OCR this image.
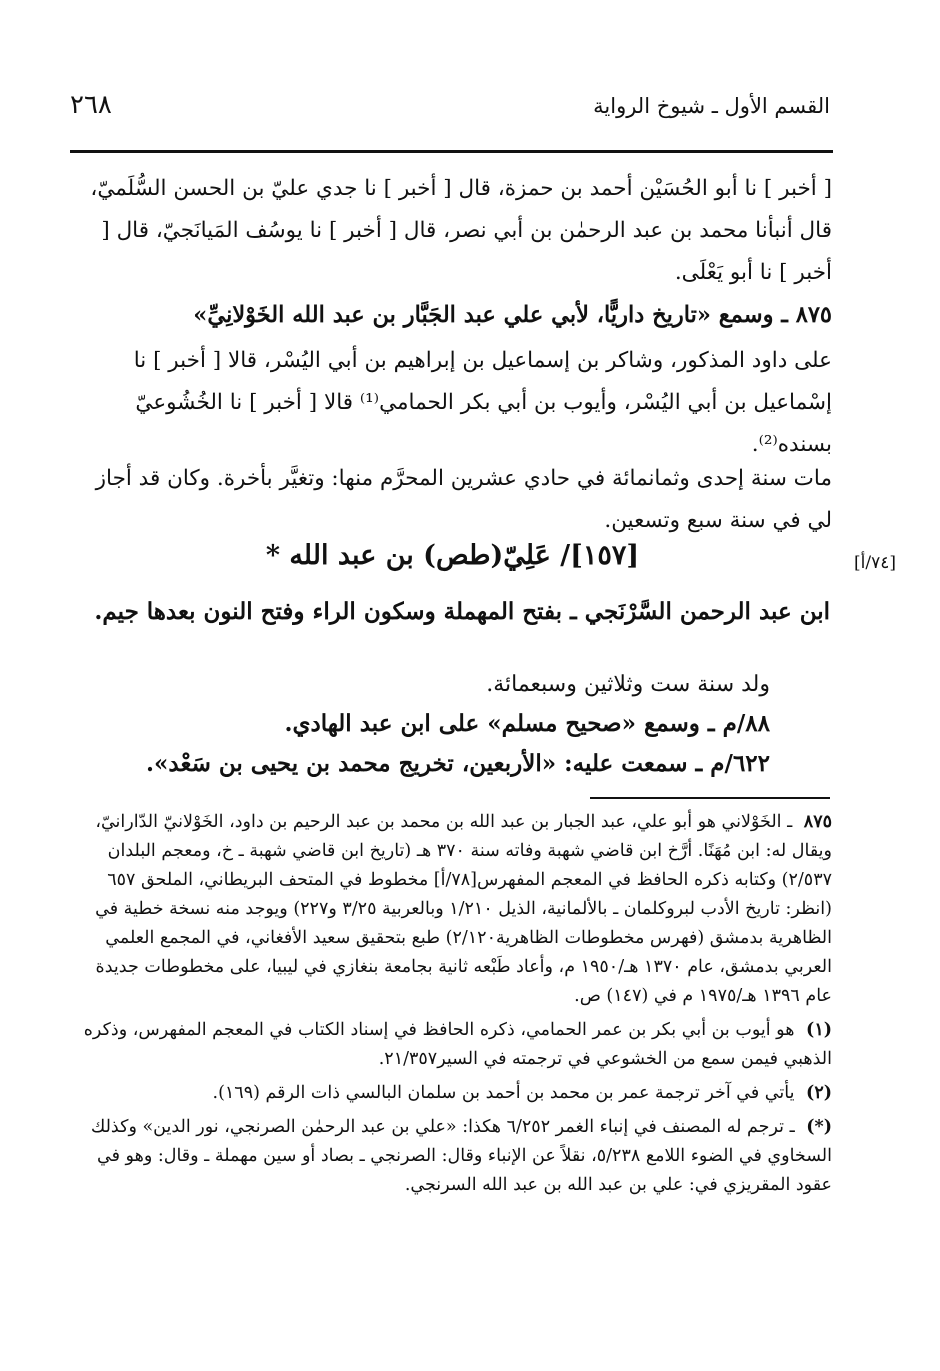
٢٦٨	القسم الأول ـ شيوخ الرواية
[ أخبر ] نا أبو الحُسَيْن أحمد بن حمزة، قال [ أخبر ] نا جدي عليّ بن الحسن السُّلَميّ، قال أنبأنا محمد بن عبد الرحمٰن بن أبي نصر، قال [ أخبر ] نا يوسُف المَيانَجيّ، قال [ أخبر ] نا أبو يَعْلَى.
٨٧٥ ـ وسمع «تاريخ داريًّا، لأبي علي عبد الجَبَّار بن عبد الله الخَوْلانِيِّ»
على داود المذكور، وشاكر بن إسماعيل بن إبراهيم بن أبي اليُسْر، قالا [ أخبر ] نا إسْماعيل بن أبي اليُسْر، وأيوب بن أبي بكر الحمامي⁽¹⁾ قالا [ أخبر ] نا الخُشُوعيّ بسنده⁽²⁾.
مات سنة إحدى وثمانمائة في حادي عشرين المحرَّم منها: وتغيَّر بأخرة. وكان قد أجاز لي في سنة سبع وتسعين.
[١٥٧]/ عَلِيّ(طص) بن عبد الله *	[٧٤/أ]
ابن عبد الرحمن السَّرْنَجي ـ بفتح المهملة وسكون الراء وفتح النون بعدها جيم.
ولد سنة ست وثلاثين وسبعمائة.
٨٨/م ـ وسمع «صحيح مسلم» على ابن عبد الهادي.
٦٢٢/م ـ سمعت عليه: «الأربعين، تخريج محمد بن يحيى بن سَعْد».
٨٧٥ ـ الخَوْلاني هو أبو علي، عبد الجبار بن عبد الله بن محمد بن عبد الرحيم بن داود، الخَوْلانيّ الدّارانيّ، ويقال له: ابن مُهَنًا. أرَّخ ابن قاضي شهبة وفاته سنة ٣٧٠ هـ (تاريخ ابن قاضي شهبة ـ خ، ومعجم البلدان ٢/٥٣٧) وكتابه ذكره الحافظ في المعجم المفهرس[٧٨/أ] مخطوط في المتحف البريطاني، الملحق ٦٥٧ (انظر: تاريخ الأدب لبروكلمان ـ بالألمانية، الذيل ١/٢١٠ وبالعربية ٣/٢٥ و٢٢٧) ويوجد منه نسخة خطية في الظاهرية بدمشق (فهرس مخطوطات الظاهرية٢/١٢٠) طبع بتحقيق سعيد الأفغاني، في المجمع العلمي العربي بدمشق، عام ١٣٧٠ هـ/١٩٥٠ م، وأعاد طَبْعه ثانية بجامعة بنغازي في ليبيا، على مخطوطات جديدة عام ١٣٩٦ هـ/١٩٧٥ م في (١٤٧) ص.
(١) هو أيوب بن أبي بكر بن عمر الحمامي، ذكره الحافظ في إسناد الكتاب في المعجم المفهرس، وذكره الذهبي فيمن سمع من الخشوعي في ترجمته في السير٢١/٣٥٧.
(٢) يأتي في آخر ترجمة عمر بن محمد بن أحمد بن سلمان البالسي ذات الرقم (١٦٩).
(*) ـ ترجم له المصنف في إنباء الغمر ٦/٢٥٢ هكذا: «علي بن عبد الرحمٰن الصرنجي، نور الدين» وكذلك السخاوي في الضوء اللامع ٥/٢٣٨، نقلاً عن الإنباء وقال: الصرنجي ـ بصاد أو سين مهملة ـ وقال: وهو في عقود المقريزي في: علي بن عبد الله بن عبد الله السرنجي.
